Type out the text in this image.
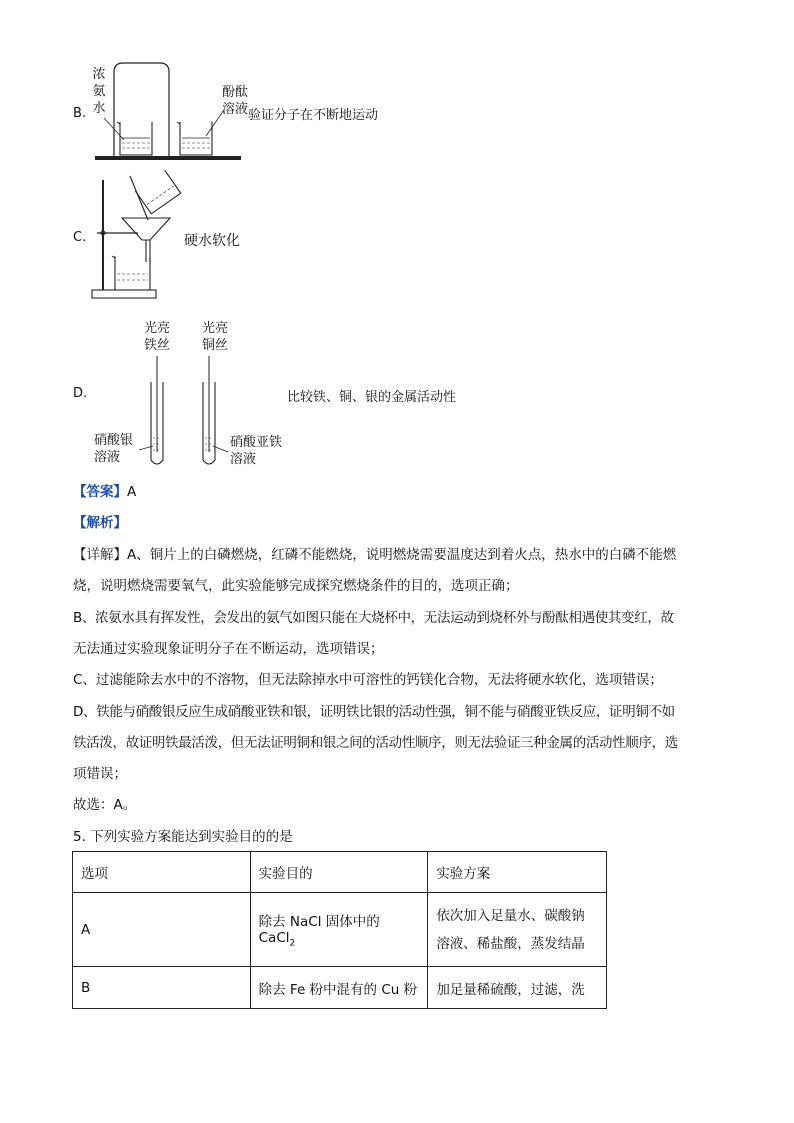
B.
浓
氨
水
酚酞
溶液 验证分子在不断地运动
C.	硬水软化
D.
光亮
铁丝
光亮
铜丝
硝酸银
溶液
硝酸亚铁
溶液
比较铁、铜、银的金属活动性
【答案】A
【解析】
【详解】A、铜片上的白磷燃烧，红磷不能燃烧，说明燃烧需要温度达到着火点，热水中的白磷不能燃
烧，说明燃烧需要氧气，此实验能够完成探究燃烧条件的目的，选项正确；
B、浓氨水具有挥发性，会发出的氨气如图只能在大烧杯中，无法运动到烧杯外与酚酞相遇使其变红，故
无法通过实验现象证明分子在不断运动，选项错误；
C、过滤能除去水中的不溶物，但无法除掉水中可溶性的钙镁化合物，无法将硬水软化，选项错误；
D、铁能与硝酸银反应生成硝酸亚铁和银，证明铁比银的活动性强，铜不能与硝酸亚铁反应，证明铜不如
铁活泼，故证明铁最活泼，但无法证明铜和银之间的活动性顺序，则无法验证三种金属的活动性顺序，选
项错误；
故选：A。
5. 下列实验方案能达到实验目的的是
选项	实验目的	实验方案
A	除去 NaCl 固体中的 CaCl$_2$	依次加入足量水、碳酸钠
溶液、稀盐酸，蒸发结晶

B	除去 Fe 粉中混有的 Cu 粉	加足量稀硫酸，过滤，洗
